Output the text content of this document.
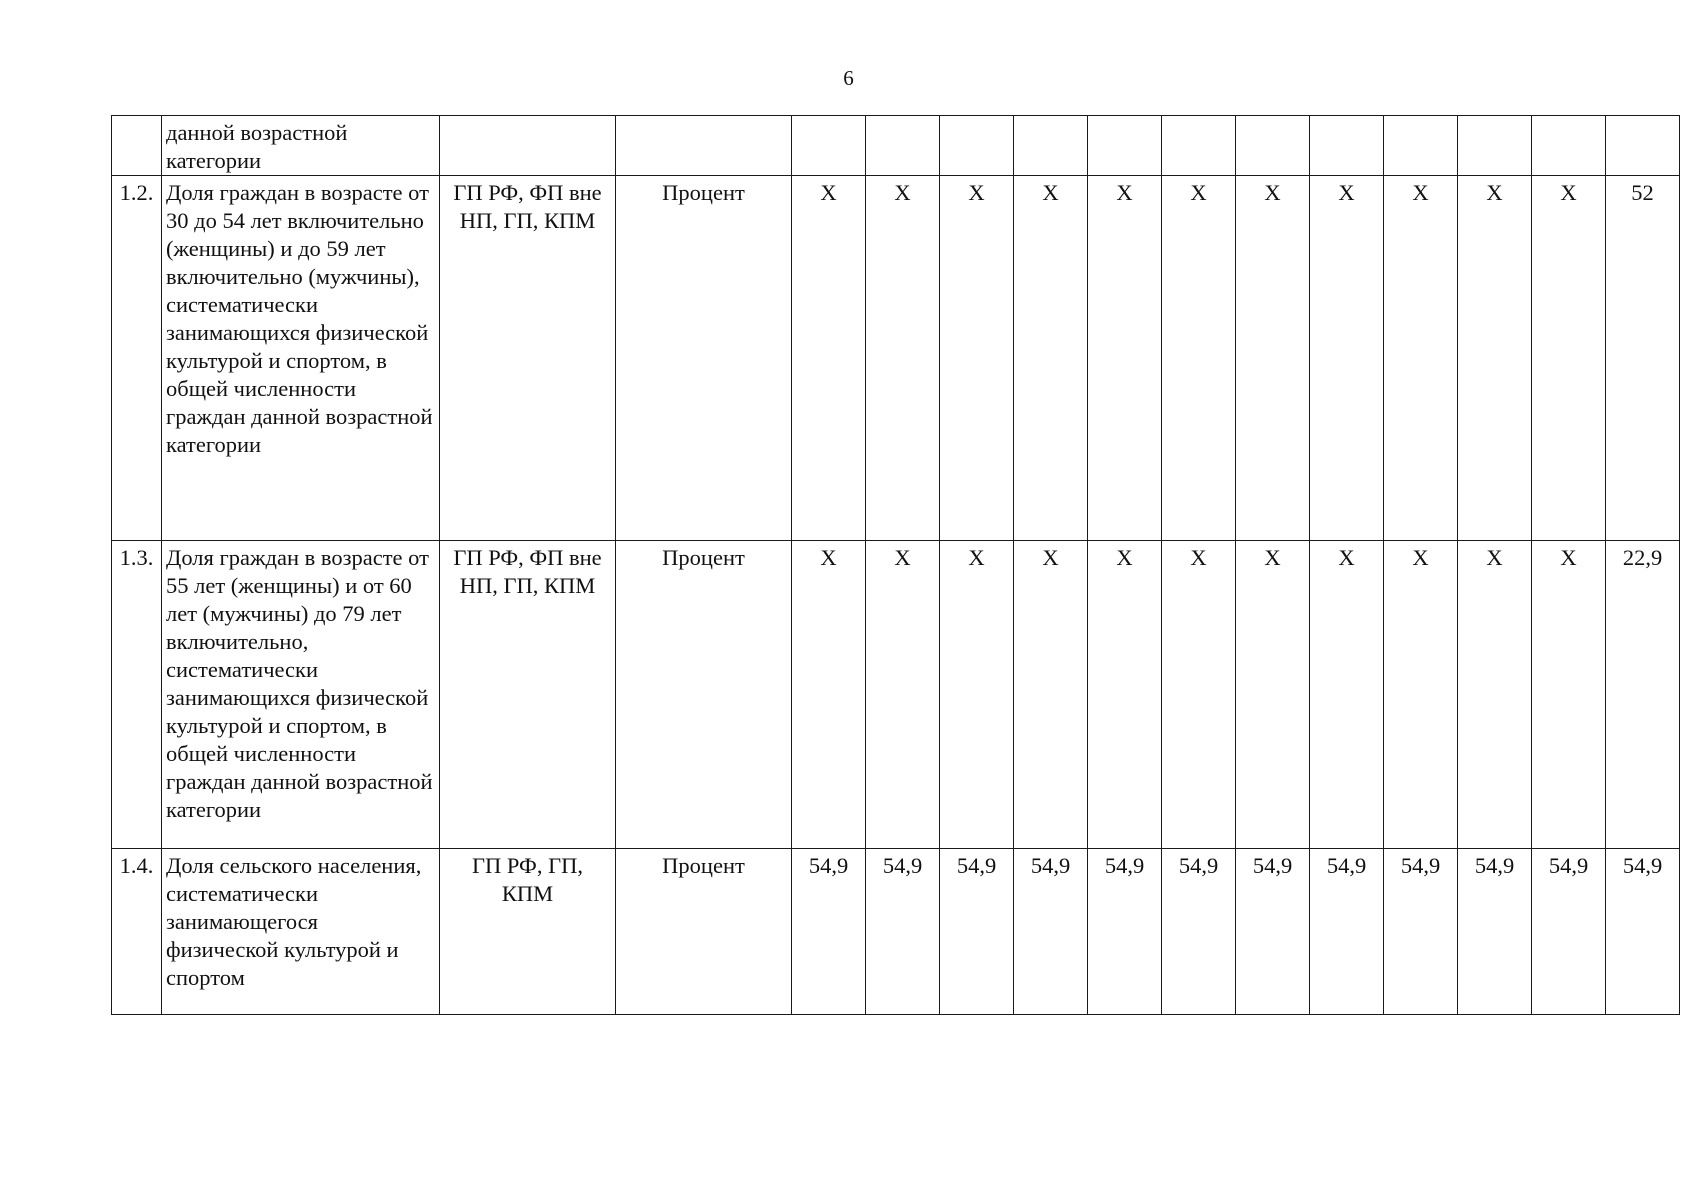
6
	данной возрастной категории														
1.2.	Доля граждан в возрасте от 30 до 54 лет включительно (женщины) и до 59 лет включительно (мужчины), систематически занимающихся физической культурой и спортом, в общей численности граждан данной возрастной категории	ГП РФ, ФП вне НП, ГП, КПМ	Процент	X	X	X	X	X	X	X	X	X	X	X	52
1.3.	Доля граждан в возрасте от 55 лет (женщины) и от 60 лет (мужчины) до 79 лет включительно, систематически занимающихся физической культурой и спортом, в общей численности граждан данной возрастной категории	ГП РФ, ФП вне НП, ГП, КПМ	Процент	X	X	X	X	X	X	X	X	X	X	X	22,9
1.4.	Доля сельского населения, систематически занимающегося физической культурой и спортом	ГП РФ, ГП, КПМ	Процент	54,9	54,9	54,9	54,9	54,9	54,9	54,9	54,9	54,9	54,9	54,9	54,9
